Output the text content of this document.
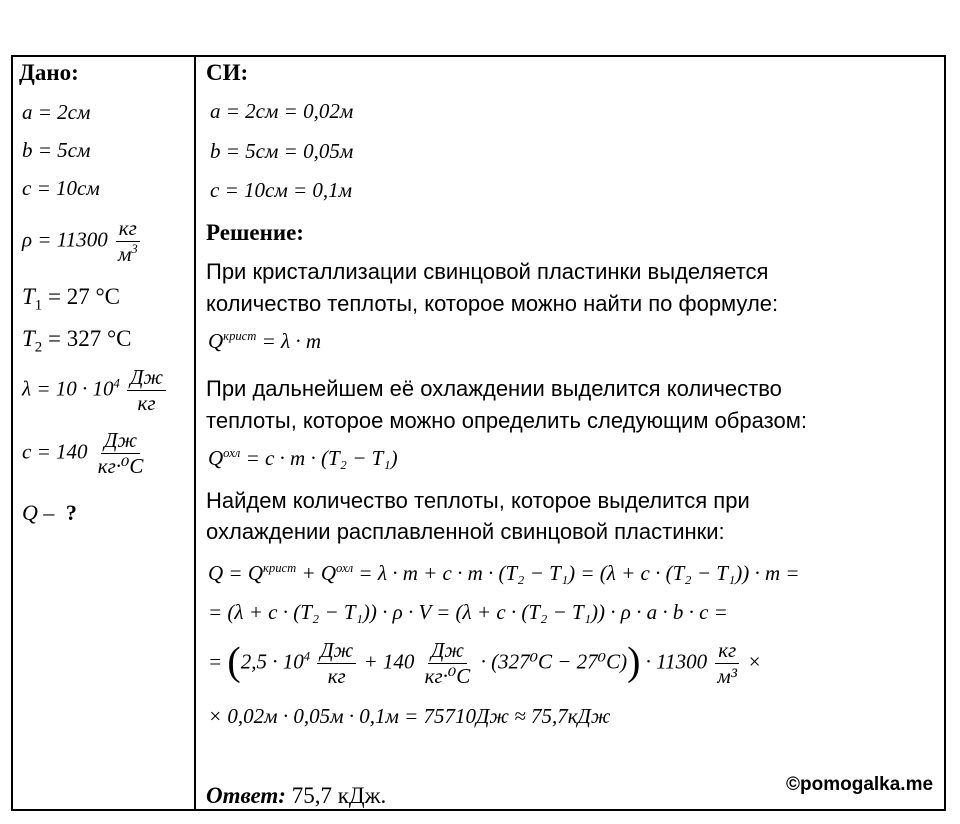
Дано:
a = 2см
b = 5см
c = 10см
$\rho = 11300 \frac{кг}{м^3}$
$T_1 = 27$ °C
$T_2 = 327$ °C
$\lambda = 10 \cdot 10^4 \frac{Дж}{кг}$
$c = 140 \frac{Дж}{\text{кг·⁰C}}$
Q – ?
СИ:
a = 2см = 0,02м
b = 5см = 0,05м
c = 10см = 0,1м
Решение:
При кристаллизации свинцовой пластинки выделяется
количество теплоты, которое можно найти по формуле:
$Q^{крист} = \lambda \cdot m$
При дальнейшем её охлаждении выделится количество
теплоты, которое можно определить следующим образом:
$Q^{охл} = c \cdot m \cdot (T_2 - T_1)$
Найдем количество теплоты, которое выделится при
охлаждении расплавленной свинцовой пластинки:
$Q = Q^{крист} + Q^{охл} = \lambda \cdot m + c \cdot m \cdot (T_2 - T_1) = (\lambda + c \cdot (T_2 - T_1)) \cdot m$ =
= (λ + c · (T₂ − T₁)) · ρ · V = (λ + c · (T₂ − T₁)) · ρ · a · b · c =
= $(2,5 \cdot 10^4 \frac{Дж}{кг} + 140 \frac{Дж}{\text{кг·⁰C}} \cdot (327^0C - 27^0C)) \cdot 11300 \frac{кг}{\text{м³}}$ ×
× 0,02м · 0,05м · 0,1м = 75710Дж ≈ 75,7кДж
Ответ: 75,7 кДж.	©pomogalka.me
